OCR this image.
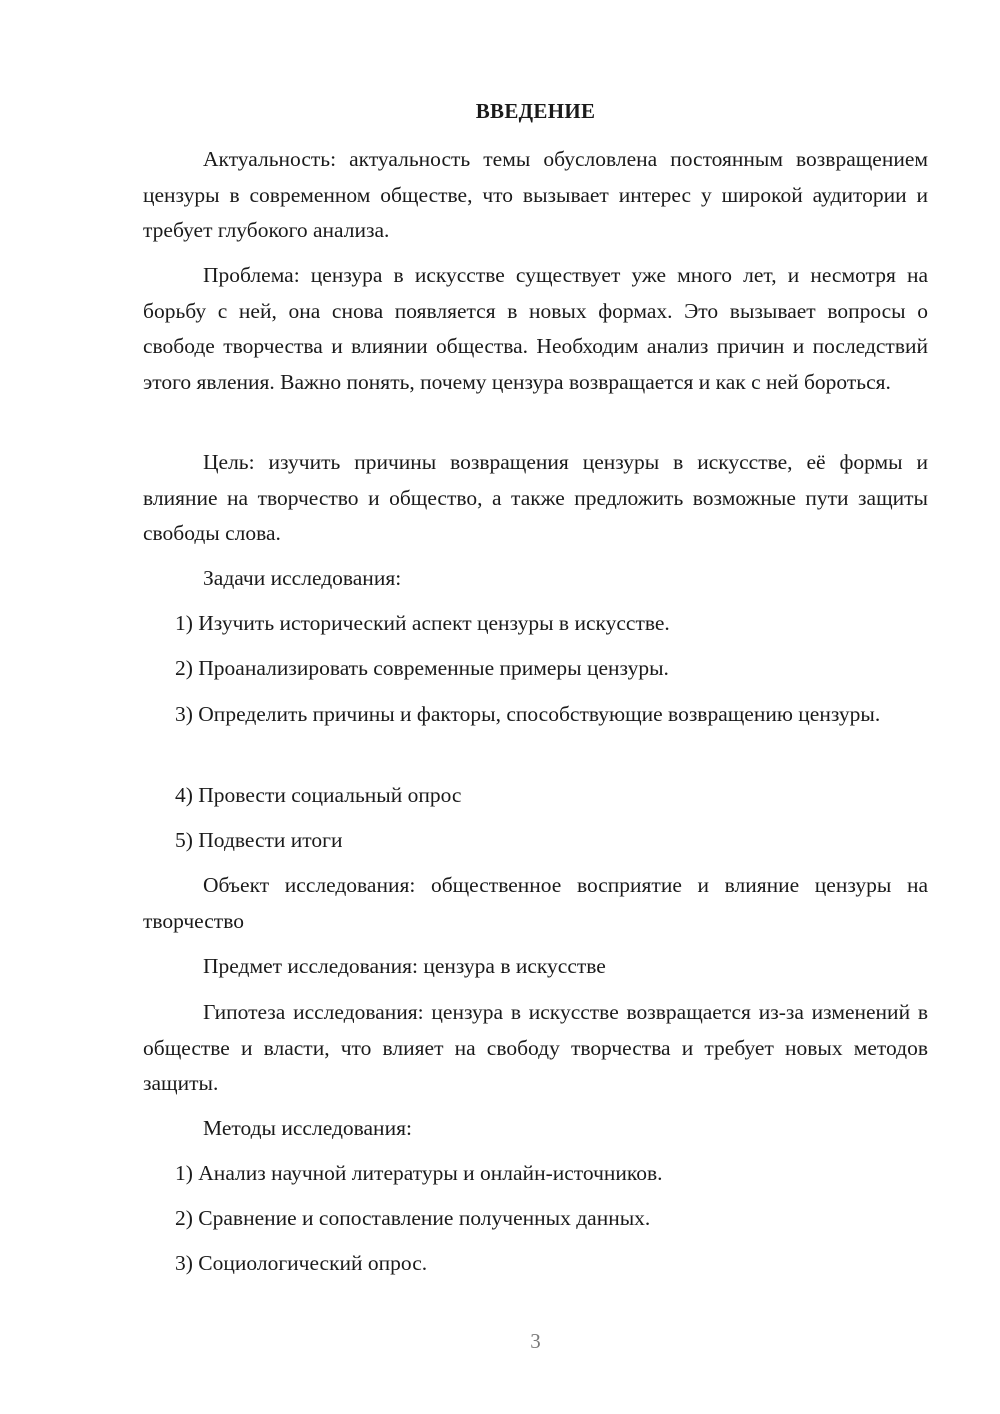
ВВЕДЕНИЕ

Актуальность: актуальность темы обусловлена постоянным возвращением цензуры в современном обществе, что вызывает интерес у широкой аудитории и требует глубокого анализа.

Проблема: цензура в искусстве существует уже много лет, и несмотря на борьбу с ней, она снова появляется в новых формах. Это вызывает вопросы о свободе творчества и влиянии общества. Необходим анализ причин и последствий этого явления. Важно понять, почему цензура возвращается и как с ней бороться.

Цель: изучить причины возвращения цензуры в искусстве, её формы и влияние на творчество и общество, а также предложить возможные пути защиты свободы слова.

Задачи исследования:

1) Изучить исторический аспект цензуры в искусстве.

2) Проанализировать современные примеры цензуры.

3) Определить причины и факторы, способствующие возвращению цензуры.

4) Провести социальный опрос

5) Подвести итоги

Объект исследования: общественное восприятие и влияние цензуры на творчество

Предмет исследования: цензура в искусстве

Гипотеза исследования: цензура в искусстве возвращается из-за изменений в обществе и власти, что влияет на свободу творчества и требует новых методов защиты.

Методы исследования:

1) Анализ научной литературы и онлайн-источников.

2) Сравнение и сопоставление полученных данных.

3) Социологический опрос.

3
